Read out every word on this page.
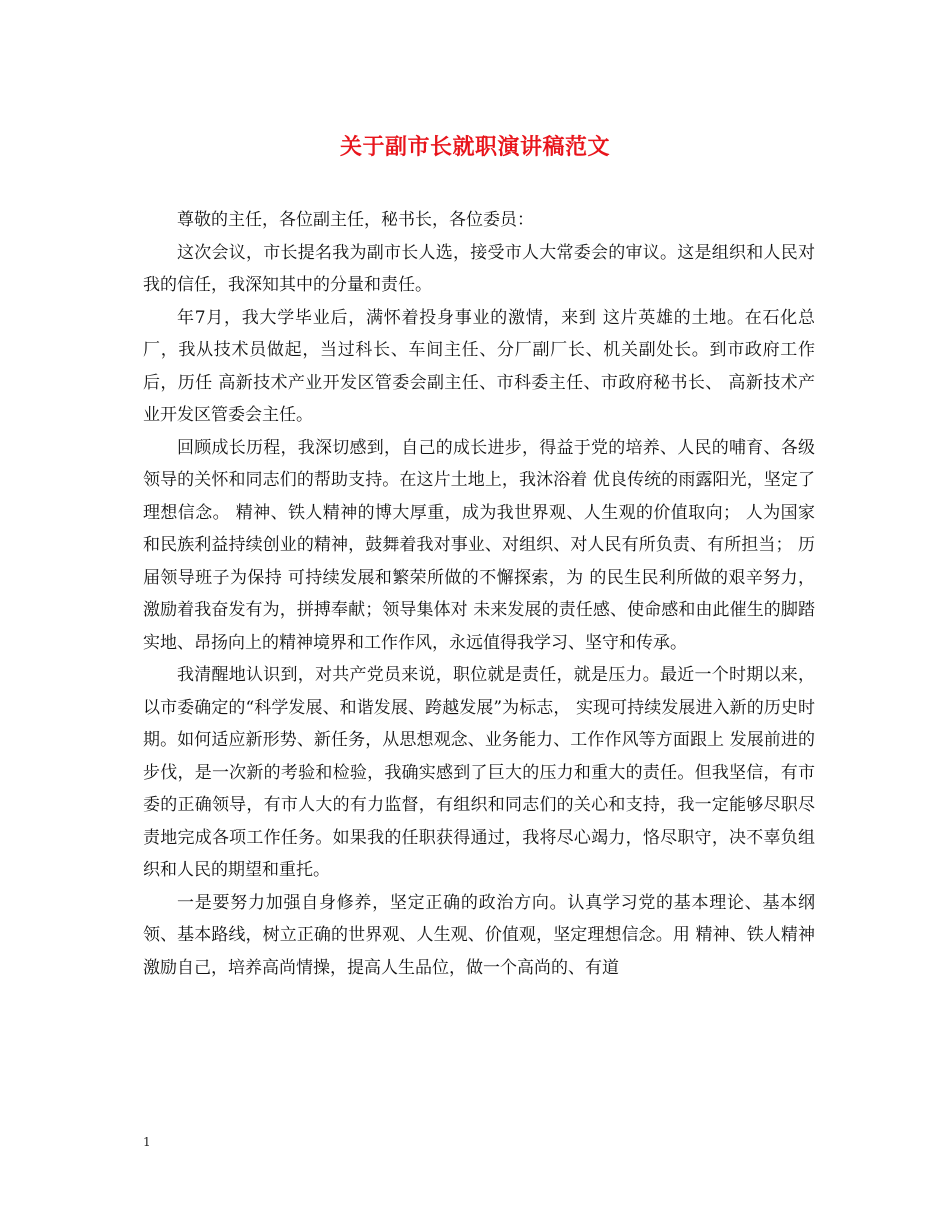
关于副市长就职演讲稿范文

尊敬的主任，各位副主任，秘书长，各位委员：

这次会议，市长提名我为副市长人选，接受市人大常委会的审议。这是组织和人民对我的信任，我深知其中的分量和责任。

年7月，我大学毕业后，满怀着投身事业的激情，来到 这片英雄的土地。在石化总厂，我从技术员做起，当过科长、车间主任、分厂副厂长、机关副处长。到市政府工作后，历任 高新技术产业开发区管委会副主任、市科委主任、市政府秘书长、 高新技术产业开发区管委会主任。

回顾成长历程，我深切感到，自己的成长进步，得益于党的培养、人民的哺育、各级领导的关怀和同志们的帮助支持。在这片土地上，我沐浴着 优良传统的雨露阳光，坚定了理想信念。 精神、铁人精神的博大厚重，成为我世界观、人生观的价值取向； 人为国家和民族利益持续创业的精神，鼓舞着我对事业、对组织、对人民有所负责、有所担当； 历届领导班子为保持 可持续发展和繁荣所做的不懈探索，为 的民生民利所做的艰辛努力，激励着我奋发有为，拼搏奉献；领导集体对 未来发展的责任感、使命感和由此催生的脚踏实地、昂扬向上的精神境界和工作作风，永远值得我学习、坚守和传承。

我清醒地认识到，对共产党员来说，职位就是责任，就是压力。最近一个时期以来，以市委确定的“科学发展、和谐发展、跨越发展”为标志， 实现可持续发展进入新的历史时期。如何适应新形势、新任务，从思想观念、业务能力、工作作风等方面跟上 发展前进的步伐，是一次新的考验和检验，我确实感到了巨大的压力和重大的责任。但我坚信，有市委的正确领导，有市人大的有力监督，有组织和同志们的关心和支持，我一定能够尽职尽责地完成各项工作任务。如果我的任职获得通过，我将尽心竭力，恪尽职守，决不辜负组织和人民的期望和重托。

一是要努力加强自身修养，坚定正确的政治方向。认真学习党的基本理论、基本纲领、基本路线，树立正确的世界观、人生观、价值观，坚定理想信念。用 精神、铁人精神激励自己，培养高尚情操，提高人生品位，做一个高尚的、有道

1
